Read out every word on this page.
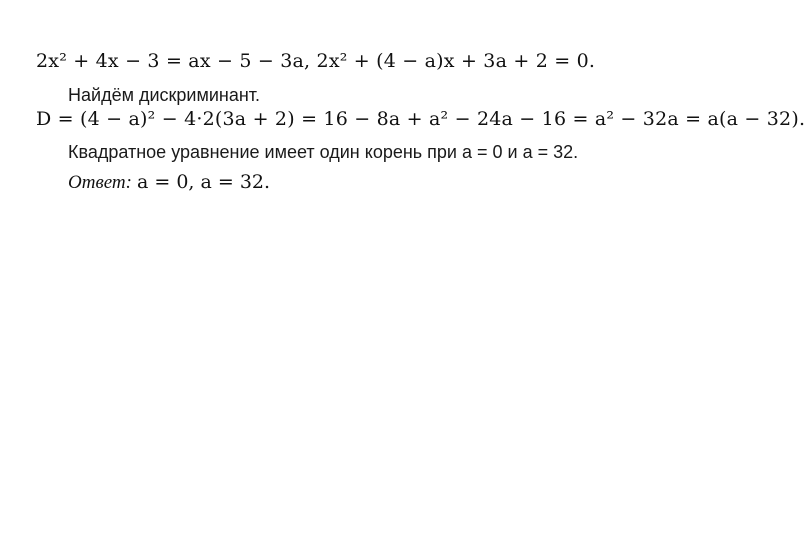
2x² + 4x − 3 = ax − 5 − 3a, 2x² + (4 − a)x + 3a + 2 = 0.
Найдём дискриминант.
D = (4 − a)² − 4·2(3a + 2) = 16 − 8a + a² − 24a − 16 = a² − 32a = a(a − 32).
Квадратное уравнение имеет один корень при a = 0 и a = 32.
Ответ: a = 0, a = 32.
